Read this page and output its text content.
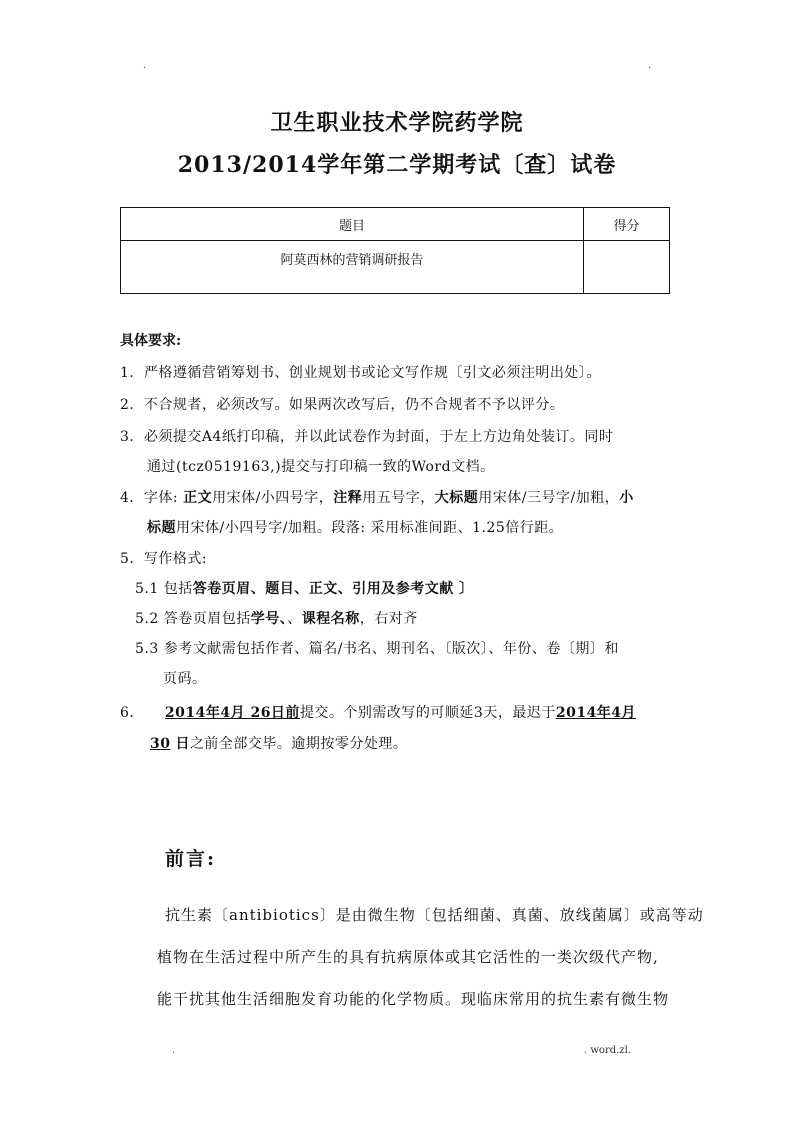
.	.
卫生职业技术学院药学院
2013/2014学年第二学期考试〔查〕试卷
题目	得分
阿莫西林的营销调研报告	
具体要求:
1．严格遵循营销筹划书、创业规划书或论文写作规〔引文必须注明出处〕。
2．不合规者，必须改写。如果两次改写后，仍不合规者不予以评分。
3．必须提交A4纸打印稿，并以此试卷作为封面，于左上方边角处装订。同时
通过(tcz0519163,)提交与打印稿一致的Word文档。
4．字体: 正文用宋体/小四号字，注释用五号字，大标题用宋体/三号字/加粗，小
标题用宋体/小四号字/加粗。段落: 采用标准间距、1.25倍行距。
5．写作格式:
5.1 包括答卷页眉、题目、正文、引用及参考文献 〕
5.2 答卷页眉包括学号、、课程名称，右对齐
5.3 参考文献需包括作者、篇名/书名、期刊名、〔版次〕、年份、卷〔期〕和
页码。
6． 2014年4月 26日前提交。个别需改写的可顺延3天，最迟于2014年4月
30 日之前全部交毕。逾期按零分处理。
前言:
抗生素〔antibiotics〕是由微生物〔包括细菌、真菌、放线菌属〕或高等动
植物在生活过程中所产生的具有抗病原体或其它活性的一类次级代产物,
能干扰其他生活细胞发育功能的化学物质。现临床常用的抗生素有微生物
.	. word.zl.
